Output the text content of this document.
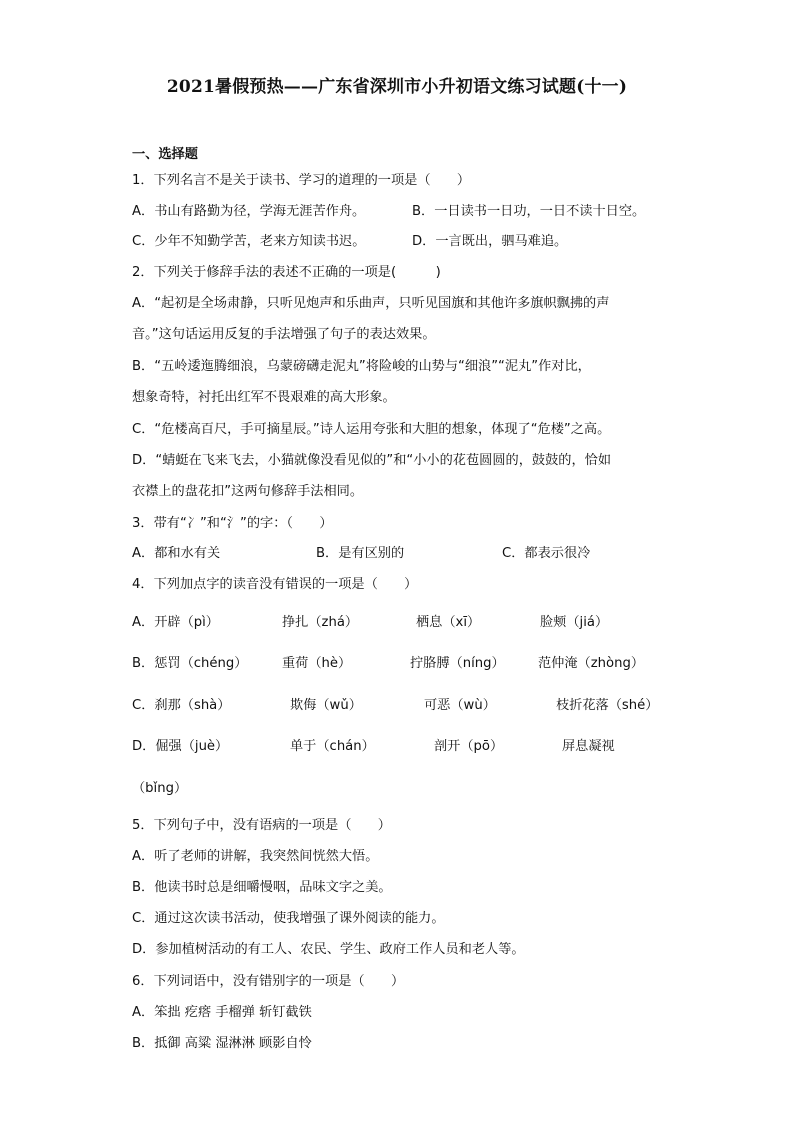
2021暑假预热——广东省深圳市小升初语文练习试题(十一)
一、选择题
1．下列名言不是关于读书、学习的道理的一项是（　　）
A．书山有路勤为径，学海无涯苦作舟。	B．一日读书一日功，一日不读十日空。
C．少年不知勤学苦，老来方知读书迟。	D．一言既出，驷马难追。
2．下列关于修辞手法的表述不正确的一项是(　　　)
A．“起初是全场肃静，只听见炮声和乐曲声，只听见国旗和其他许多旗帜飘拂的声
音。”这句话运用反复的手法增强了句子的表达效果。
B．“五岭逶迤腾细浪，乌蒙磅礴走泥丸”将险峻的山势与“细浪”“泥丸”作对比，
想象奇特，衬托出红军不畏艰难的高大形象。
C．“危楼高百尺，手可摘星辰。”诗人运用夸张和大胆的想象，体现了“危楼”之高。
D．“蜻蜓在飞来飞去，小猫就像没看见似的”和“小小的花苞圆圆的，鼓鼓的，恰如
衣襟上的盘花扣”这两句修辞手法相同。
3．带有“冫”和“氵”的字：（　　）
A．都和水有关	B．是有区别的	C．都表示很冷
4．下列加点字的读音没有错误的一项是（　　）
A．开辟（pì）	挣扎（zhá）	栖息（xī）	脸颊（jiá）
B．惩罚（chéng）	重荷（hè）	拧胳膊（níng）	范仲淹（zhòng）
C．刹那（shà）	欺侮（wǔ）	可恶（wù）	枝折花落（shé）
D．倔强（juè）	单于（chán）	剖开（pō）	屏息凝视
（bǐng）
5．下列句子中，没有语病的一项是（　　）
A．听了老师的讲解，我突然间恍然大悟。
B．他读书时总是细嚼慢咽，品味文字之美。
C．通过这次读书活动，使我增强了课外阅读的能力。
D．参加植树活动的有工人、农民、学生、政府工作人员和老人等。
6．下列词语中，没有错别字的一项是（　　）
A．笨拙 疙瘩 手榴弹 斩钉截铁
B．抵御 高粱 湿淋淋 顾影自怜
